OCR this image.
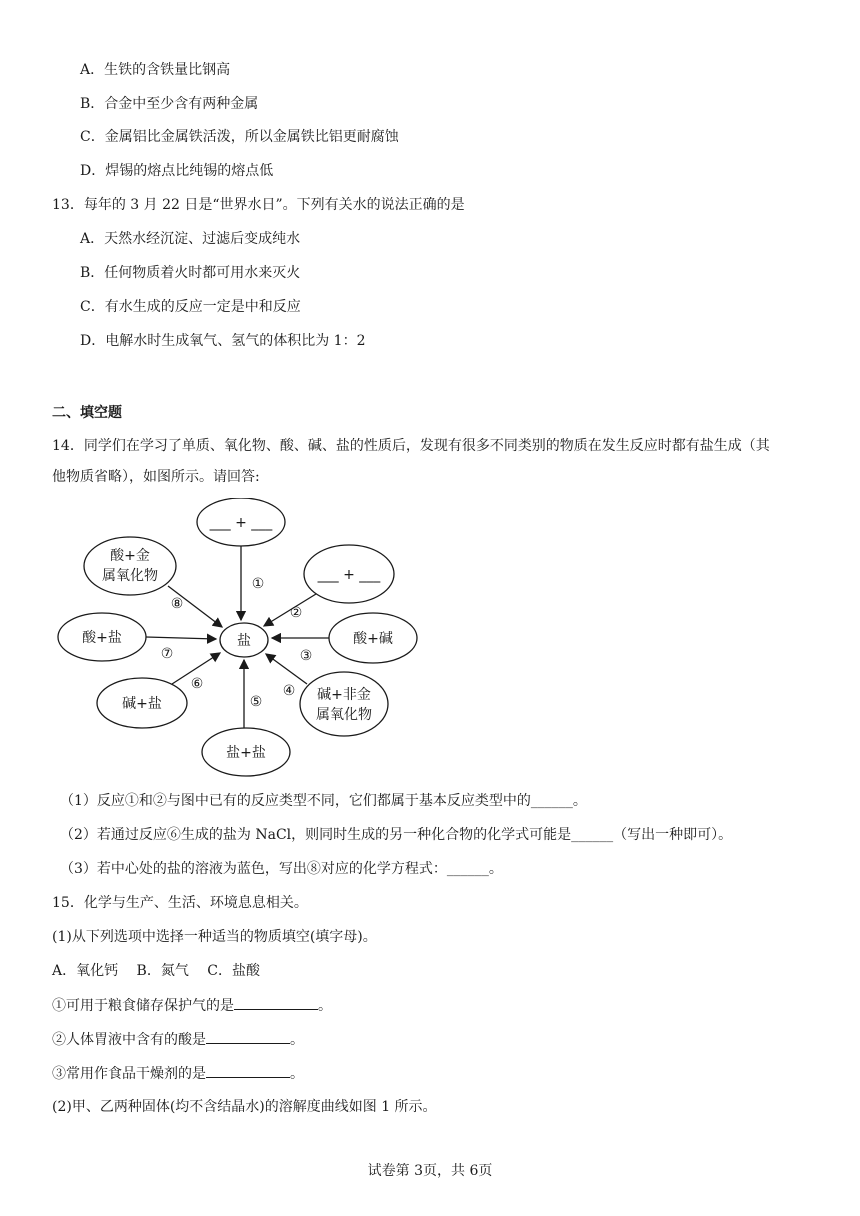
A．生铁的含铁量比钢高
B．合金中至少含有两种金属
C．金属铝比金属铁活泼，所以金属铁比铝更耐腐蚀
D．焊锡的熔点比纯锡的熔点低
13．每年的 3 月 22 日是“世界水日”。下列有关水的说法正确的是
A．天然水经沉淀、过滤后变成纯水
B．任何物质着火时都可用水来灭火
C．有水生成的反应一定是中和反应
D．电解水时生成氧气、氢气的体积比为 1：2
二、填空题
14．同学们在学习了单质、氧化物、酸、碱、盐的性质后，发现有很多不同类别的物质在发生反应时都有盐生成（其
他物质省略），如图所示。请回答:
盐
___ + ___
___ + ___
酸+碱
碱+非金
属氧化物
盐+盐
碱+盐
酸+盐
酸+金
属氧化物	①
②
③
④
⑤
⑥
⑦
⑧
（1）反应①和②与图中已有的反应类型不同，它们都属于基本反应类型中的______。
（2）若通过反应⑥生成的盐为 NaCl，则同时生成的另一种化合物的化学式可能是______（写出一种即可）。
（3）若中心处的盐的溶液为蓝色，写出⑧对应的化学方程式：______。
15．化学与生产、生活、环境息息相关。
(1)从下列选项中选择一种适当的物质填空(填字母)。
A．氧化钙　 B．氮气　 C．盐酸
①可用于粮食储存保护气的是	。
②人体胃液中含有的酸是	。
③常用作食品干燥剂的是	。
(2)甲、乙两种固体(均不含结晶水)的溶解度曲线如图 1 所示。
试卷第 3页，共 6页
